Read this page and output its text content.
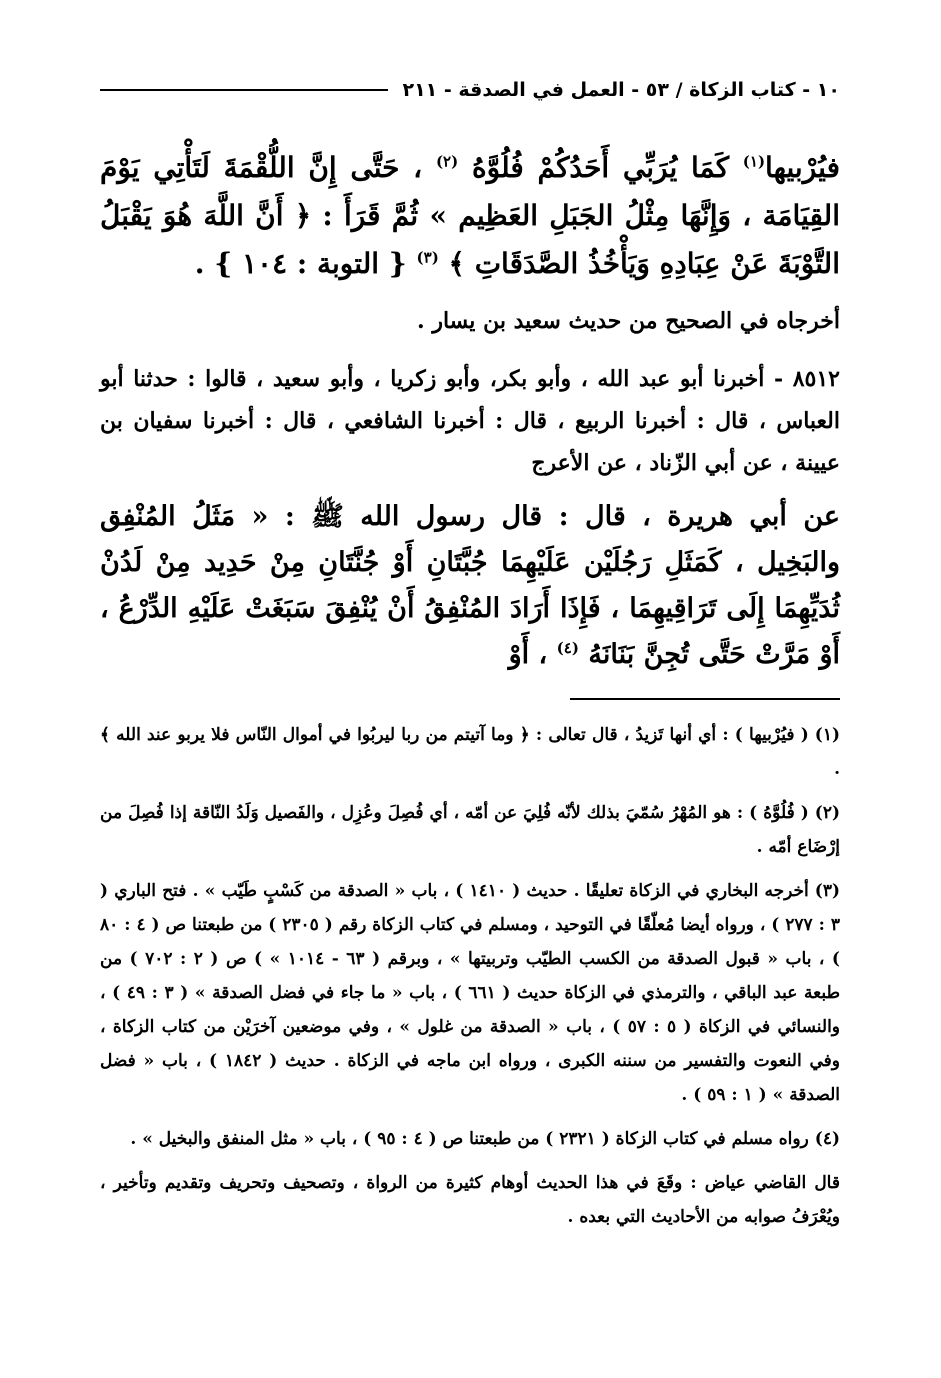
١٠ - كتاب الزكاة / ٥٣ - العمل في الصدقة - ٢١١

فيُرْبيها$^{(١)}$ كَمَا يُرَبِّي أَحَدُكُمْ فُلُوَّهُ $^{(٢)}$ ، حَتَّى إِنَّ اللُّقْمَةَ لَتَأْتِي يَوْمَ القِيَامَة ، وَإِنَّهَا مِثْلُ الجَبَلِ العَظِيم » ثُمَّ قَرَأَ : ﴿ أَنَّ اللَّهَ هُوَ يَقْبَلُ التَّوْبَةَ عَنْ عِبَادِهِ وَيَأْخُذُ الصَّدَقَاتِ ﴾ $^{(٣)}$ { التوبة : ١٠٤ } .

أخرجاه في الصحيح من حديث سعيد بن يسار .

٨٥١٢ - أخبرنا أبو عبد الله ، وأبو بكر، وأبو زكريا ، وأبو سعيد ، قالوا : حدثنا أبو العباس ، قال : أخبرنا الربيع ، قال : أخبرنا الشافعي ، قال : أخبرنا سفيان بن عيينة ، عن أبي الزّناد ، عن الأعرج

عن أبي هريرة ، قال : قال رسول الله ﷺ : « مَثَلُ المُنْفِق والبَخِيل ، كَمَثَلِ رَجُلَيْن عَلَيْهِمَا جُبَّتَانِ أَوْ جُنَّتَانِ مِنْ حَدِيد مِنْ لَدُنْ ثُدَيِّهِمَا إِلَى تَرَاقِيهِمَا ، فَإِذَا أَرَادَ المُنْفِقُ أَنْ يُنْفِقَ سَبَغَتْ عَلَيْهِ الدِّرْعُ ، أَوْ مَرَّتْ حَتَّى تُجِنَّ بَنَانَهُ $^{(٤)}$ ، أَوْ

(١)( فيُرْبيها ) : أي أنها تَزيدُ ، قال تعالى : ﴿ وما آتيتم من ربا ليربُوا في أموال النّاس فلا يربو عند الله ﴾ .

(٢)( فُلُوَّهُ ) : هو المُهْرُ سُمّيَ بذلك لأنّه فُلِيَ عن أمّه ، أي فُصِلَ وعُزِل ، والفَصيل وَلَدُ النّاقة إذا فُصِلَ من إرْضَاع أمّه .

(٣)أخرجه البخاري في الزكاة تعليقًا . حديث ( ١٤١٠ ) ، باب « الصدقة من كَسْبٍ طَيّب » . فتح الباري ( ٣ : ٢٧٧ ) ، ورواه أيضا مُعلّقًا في التوحيد ، ومسلم في كتاب الزكاة رقم ( ٢٣٠٥ ) من طبعتنا ص ( ٤ : ٨٠ ) ، باب « قبول الصدقة من الكسب الطيّب وتربيتها » ، وبرقم ( ٦٣ - ١٠١٤ » ) ص ( ٢ : ٧٠٢ ) من طبعة عبد الباقي ، والترمذي في الزكاة حديث ( ٦٦١ ) ، باب « ما جاء في فضل الصدقة » ( ٣ : ٤٩ ) ، والنسائي في الزكاة ( ٥ : ٥٧ ) ، باب « الصدقة من غلول » ، وفي موضعين آخرَيْن من كتاب الزكاة ، وفي النعوت والتفسير من سننه الكبرى ، ورواه ابن ماجه في الزكاة . حديث ( ١٨٤٢ ) ، باب « فضل الصدقة » ( ١ : ٥٩ ) .

(٤)رواه مسلم في كتاب الزكاة ( ٢٣٢١ ) من طبعتنا ص ( ٤ : ٩٥ ) ، باب « مثل المنفق والبخيل » .

قال القاضي عياض : وقَعَ في هذا الحديث أوهام كثيرة من الرواة ، وتصحيف وتحريف وتقديم وتأخير ، ويُعْرَفُ صوابه من الأحاديث التي بعده .
